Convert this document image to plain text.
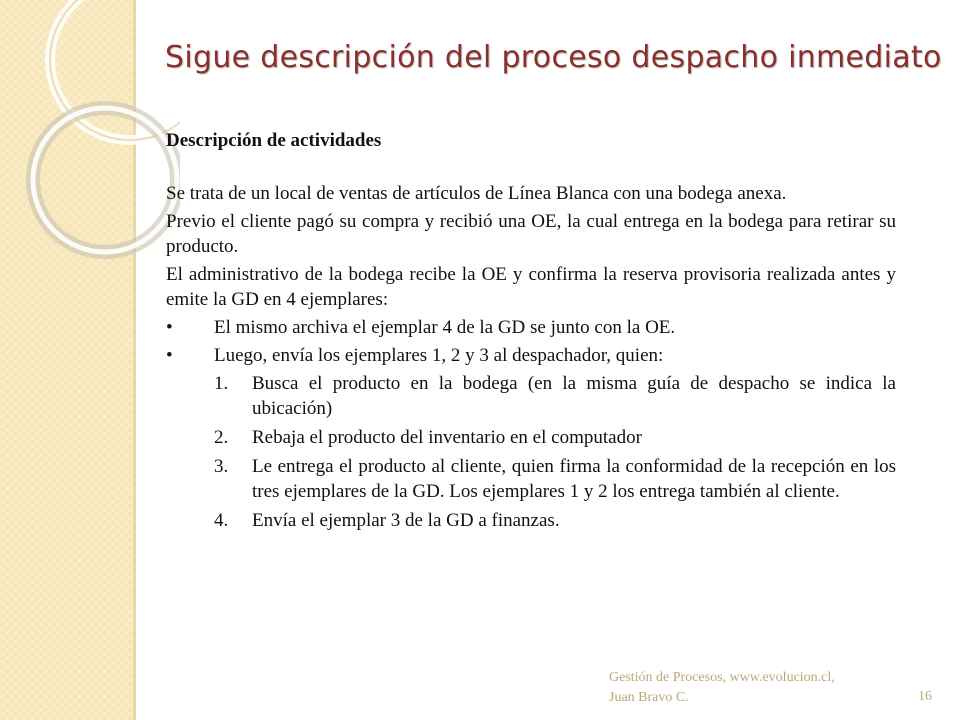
Sigue descripción del proceso despacho inmediato

Descripción de actividades

Se trata de un local de ventas de artículos de Línea Blanca con una bodega anexa.

Previo el cliente pagó su compra y recibió una OE, la cual entrega en la bodega para retirar su producto.

El administrativo de la bodega recibe la OE y confirma la reserva provisoria realizada antes y emite la GD en 4 ejemplares:

•	El mismo archiva el ejemplar 4 de la GD se junto con la OE.
•	Luego, envía los ejemplares 1, 2 y 3 al despachador, quien:
1.	Busca el producto en la bodega (en la misma guía de despacho se indica la ubicación)
2.	Rebaja el producto del inventario en el computador
3.	Le entrega el producto al cliente, quien firma la conformidad de la recepción en los tres ejemplares de la GD. Los ejemplares 1 y 2 los entrega también al cliente.
4.	Envía el ejemplar 3 de la GD a finanzas.
Gestión de Procesos, www.evolucion.cl,
Juan Bravo C.	16
